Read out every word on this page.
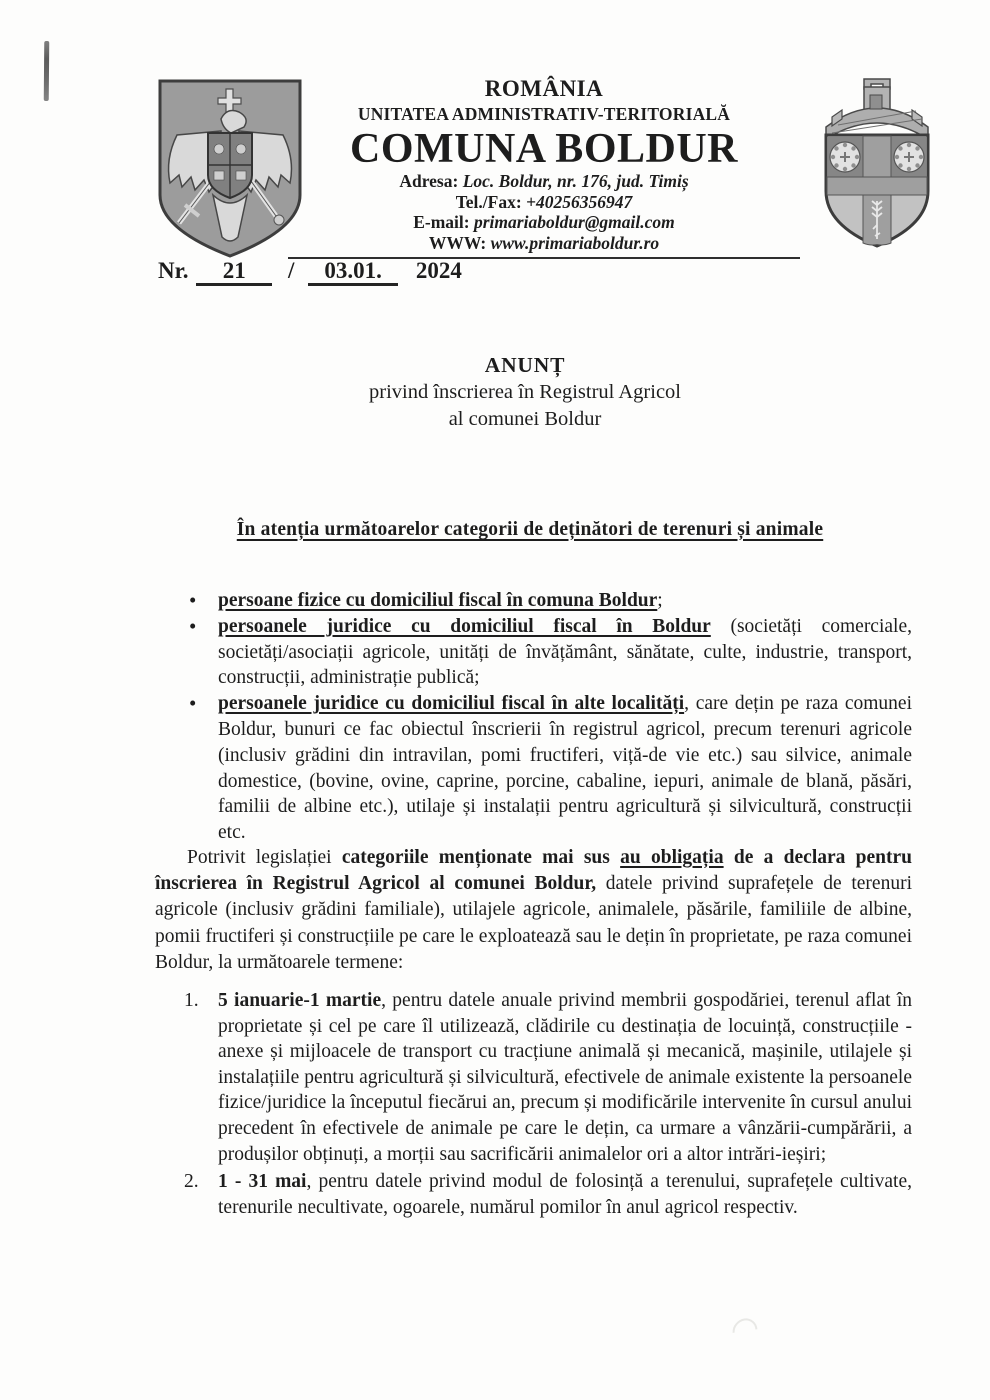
ROMÂNIA
UNITATEA ADMINISTRATIV-TERITORIALĂ
COMUNA BOLDUR
Adresa: Loc. Boldur, nr. 176, jud. Timiș
Tel./Fax: +40256356947
E-mail: primariaboldur@gmail.com
WWW: www.primariaboldur.ro
Nr. 21 / 03.01. 2024
ANUNȚ
privind înscrierea în Registrul Agricol
al comunei Boldur
În atenția următoarelor categorii de deținători de terenuri și animale
• persoane fizice cu domiciliul fiscal în comuna Boldur;
• persoanele juridice cu domiciliul fiscal în Boldur (societăți comerciale, societăți/asociații agricole, unități de învățământ, sănătate, culte, industrie, transport, construcții, administrație publică;
• persoanele juridice cu domiciliul fiscal în alte localități, care dețin pe raza comunei Boldur, bunuri ce fac obiectul înscrierii în registrul agricol, precum terenuri agricole (inclusiv grădini din intravilan, pomi fructiferi, viță-de vie etc.) sau silvice, animale domestice, (bovine, ovine, caprine, porcine, cabaline, iepuri, animale de blană, păsări, familii de albine etc.), utilaje și instalații pentru agricultură și silvicultură, construcții etc.

Potrivit legislației categoriile menționate mai sus au obligația de a declara pentru înscrierea în Registrul Agricol al comunei Boldur, datele privind suprafețele de terenuri agricole (inclusiv grădini familiale), utilajele agricole, animalele, păsările, familiile de albine, pomii fructiferi și construcțiile pe care le exploatează sau le dețin în proprietate, pe raza comunei Boldur, la următoarele termene:

1. 5 ianuarie-1 martie, pentru datele anuale privind membrii gospodăriei, terenul aflat în proprietate și cel pe care îl utilizează, clădirile cu destinația de locuință, construcțiile - anexe și mijloacele de transport cu tracțiune animală și mecanică, mașinile, utilajele și instalațiile pentru agricultură și silvicultură, efectivele de animale existente la persoanele fizice/juridice la începutul fiecărui an, precum și modificările intervenite în cursul anului precedent în efectivele de animale pe care le dețin, ca urmare a vânzării-cumpărării, a produșilor obținuți, a morții sau sacrificării animalelor ori a altor intrări-ieșiri;
2. 1 - 31 mai, pentru datele privind modul de folosință a terenului, suprafețele cultivate, terenurile necultivate, ogoarele, numărul pomilor în anul agricol respectiv.
